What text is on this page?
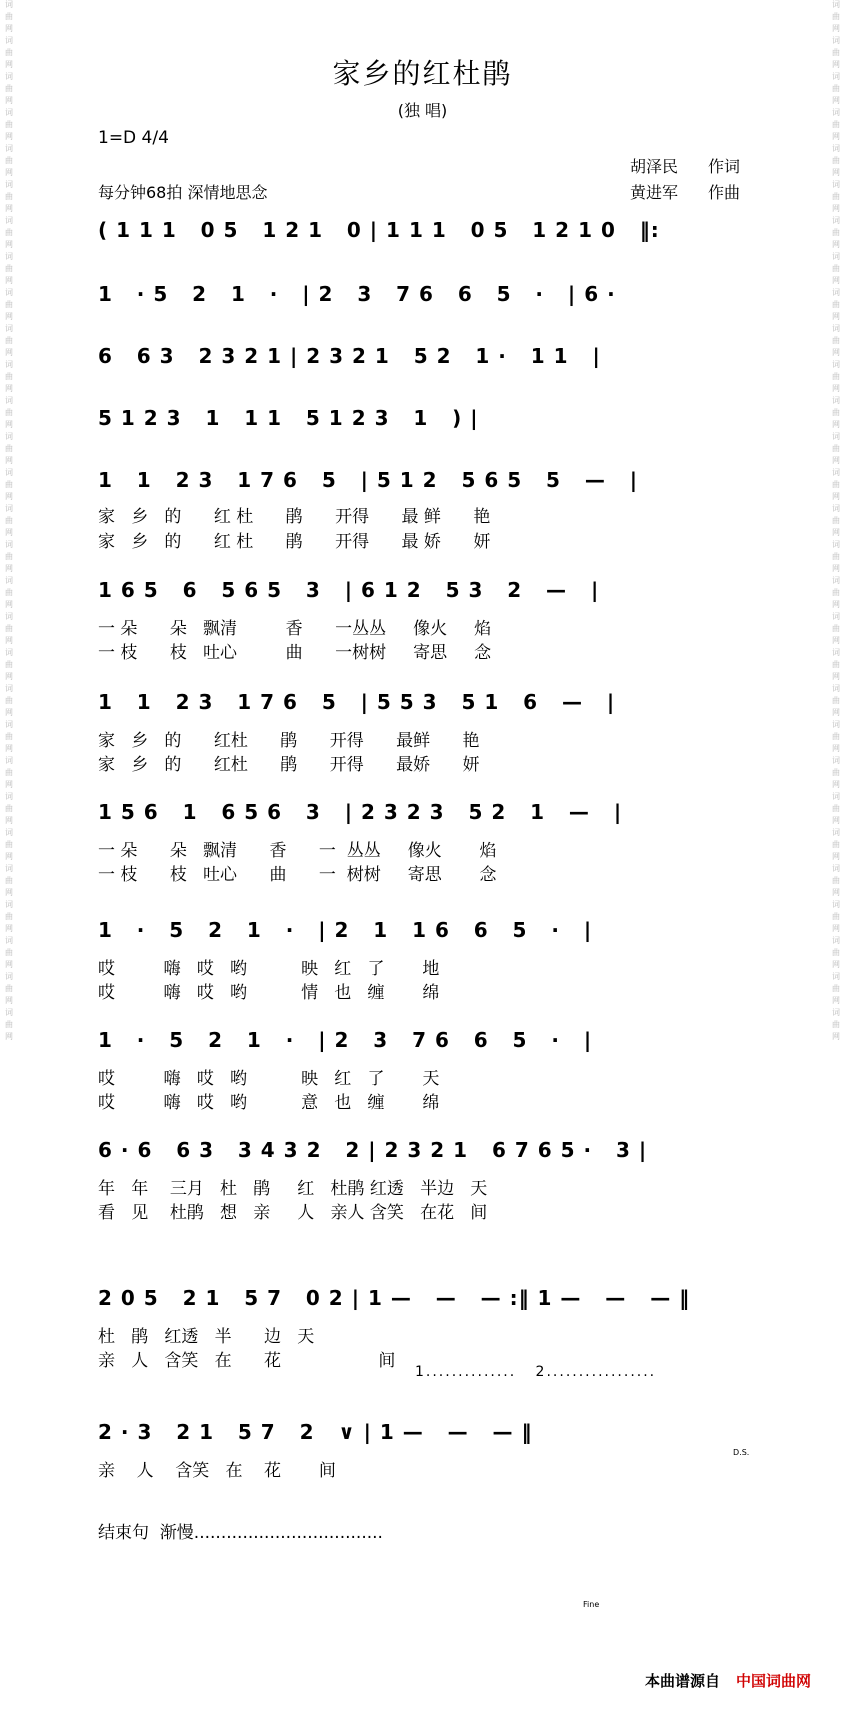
词
曲
网
词
曲
网
词
曲
网
词
曲
网
词
曲
网
词
曲
网
词
曲
网
词
曲
网
词
曲
网
词
曲
网
词
曲
网
词
曲
网
词
曲
网
词
曲
网
词
曲
网
词
曲
网
词
曲
网
词
曲
网
词
曲
网
词
曲
网
词
曲
网
词
曲
网
词
曲
网
词
曲
网
词
曲
网
词
曲
网
词
曲
网
词
曲
网
词
曲
网
词
曲
网
词
曲
网
词
曲
网
词
曲
网
词
曲
网
词
曲
网
词
曲
网
词
曲
网
词
曲
网
词
曲
网
词
曲
网
词
曲
网
词
曲
网
词
曲
网
词
曲
网
词
曲
网
词
曲
网
词
曲
网
词
曲
网
词
曲
网
词
曲
网
词
曲
网
词
曲
网
词
曲
网
词
曲
网
词
曲
网
词
曲
网
词
曲
网
词
曲
网
家乡的红杜鹃
(独 唱)
1=D 4/4
每分钟68拍 深情地思念
胡泽民 作词
黄进军 作曲
( 1 1 1   0 5   1 2 1   0 | 1 1 1   0 5   1 2 1 0   ‖:
1   · 5   2   1   ·   | 2   3   7 6   6   5   ·   | 6 ·
6   6 3   2 3 2 1 | 2 3 2 1   5 2   1 ·   1 1   |
5 1 2 3   1   1 1   5 1 2 3   1   ) |
1   1   2 3   1 7 6   5   | 5 1 2   5 6 5   5   —   |
1 6 5   6   5 6 5   3   | 6 1 2   5 3   2   —   |
1   1   2 3   1 7 6   5   | 5 5 3   5 1   6   —   |
1 5 6   1   6 5 6   3   | 2 3 2 3   5 2   1   —   |
1   ·   5   2   1   ·   | 2   1   1 6   6   5   ·   |
1   ·   5   2   1   ·   | 2   3   7 6   6   5   ·   |
6 · 6   6 3   3 4 3 2   2 | 2 3 2 1   6 7 6 5 ·   3 |
2 0 5   2 1   5 7   0 2 | 1 —   —   — :‖ 1 —   —   — ‖
2 · 3   2 1   5 7   2   ∨ | 1 —   —   — ‖
家   乡   的      红 杜      鹃      开得      最 鲜      艳
家   乡   的      红 杜      鹃      开得      最 娇      妍
一 朵      朵   飘清         香      一丛丛     像火     焰
一 枝      枝   吐心         曲      一树树     寄思     念
家   乡   的      红杜      鹃      开得      最鲜      艳
家   乡   的      红杜      鹃      开得      最娇      妍
一 朵      朵   飘清      香      一  丛丛     像火       焰
一 枝      枝   吐心      曲      一  树树     寄思       念
哎         嗨   哎   哟          映   红   了       地
哎         嗨   哎   哟          情   也   缠       绵
哎         嗨   哎   哟          映   红   了       天
哎         嗨   哎   哟          意   也   缠       绵
年   年    三月   杜   鹃     红   杜鹃 红透   半边   天
看   见    杜鹃   想   亲     人   亲人 含笑   在花   间
杜   鹃   红透   半      边   天
亲   人   含笑   在      花                  间
亲    人    含笑   在    花       间
1..............   2.................
结束句  渐慢...................................
D.S.
Fine
本曲谱源自 中国词曲网
